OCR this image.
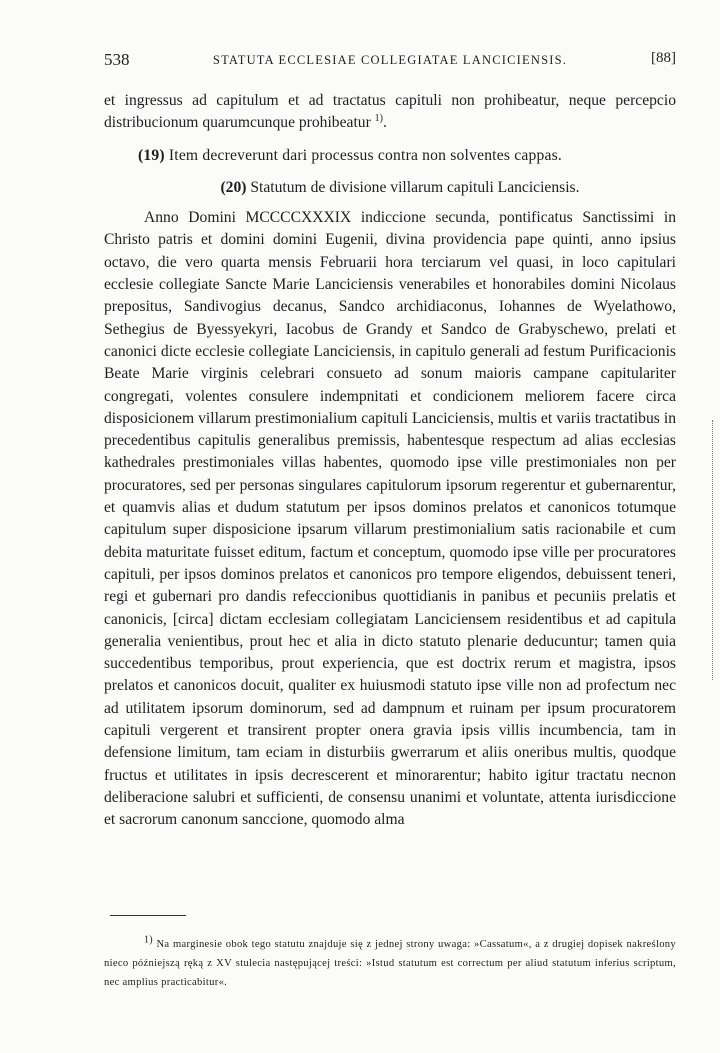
538	STATUTA ECCLESIAE COLLEGIATAE LANCICIENSIS.	[88]

et ingressus ad capitulum et ad tractatus capituli non prohibeatur, neque percepcio distribucionum quarumcunque prohibeatur $^{1)}$.

(19) Item decreverunt dari processus contra non solventes cappas.

(20) Statutum de divisione villarum capituli Lanciciensis.

Anno Domini MCCCCXXXIX indiccione secunda, pontificatus Sanctissimi in Christo patris et domini domini Eugenii, divina providencia pape quinti, anno ipsius octavo, die vero quarta mensis Februarii hora terciarum vel quasi, in loco capitulari ecclesie collegiate Sancte Marie Lanciciensis venerabiles et honorabiles domini Nicolaus prepositus, Sandivogius decanus, Sandco archidiaconus, Iohannes de Wyelathowo, Sethegius de Byessyekyri, Iacobus de Grandy et Sandco de Grabyschewo, prelati et canonici dicte ecclesie collegiate Lanciciensis, in capitulo generali ad festum Purificacionis Beate Marie virginis celebrari consueto ad sonum maioris campane capitulariter congregati, volentes consulere indempnitati et condicionem meliorem facere circa disposicionem villarum prestimonialium capituli Lanciciensis, multis et variis tractatibus in precedentibus capitulis generalibus premissis, habentesque respectum ad alias ecclesias kathedrales prestimoniales villas habentes, quomodo ipse ville prestimoniales non per procuratores, sed per personas singulares capitulorum ipsorum regerentur et gubernarentur, et quamvis alias et dudum statutum per ipsos dominos prelatos et canonicos totumque capitulum super disposicione ipsarum villarum prestimonialium satis racionabile et cum debita maturitate fuisset editum, factum et conceptum, quomodo ipse ville per procuratores capituli, per ipsos dominos prelatos et canonicos pro tempore eligendos, debuissent teneri, regi et gubernari pro dandis refeccionibus quottidianis in panibus et pecuniis prelatis et canonicis, [circa] dictam ecclesiam collegiatam Lanciciensem residentibus et ad capitula generalia venientibus, prout hec et alia in dicto statuto plenarie deducuntur; tamen quia succedentibus temporibus, prout experiencia, que est doctrix rerum et magistra, ipsos prelatos et canonicos docuit, qualiter ex huiusmodi statuto ipse ville non ad profectum nec ad utilitatem ipsorum dominorum, sed ad dampnum et ruinam per ipsum procuratorem capituli vergerent et transirent propter onera gravia ipsis villis incumbencia, tam in defensione limitum, tam eciam in disturbiis gwerrarum et aliis oneribus multis, quodque fructus et utilitates in ipsis decrescerent et minorarentur; habito igitur tractatu necnon deliberacione salubri et sufficienti, de consensu unanimi et voluntate, attenta iurisdiccione et sacrorum canonum sanccione, quomodo alma

1) Na marginesie obok tego statutu znajduje się z jednej strony uwaga: »Cassatum«, a z drugiej dopisek nakreślony nieco późniejszą ręką z XV stulecia następującej treści: »Istud statutum est correctum per aliud statutum inferius scriptum, nec amplius practicabitur«.
